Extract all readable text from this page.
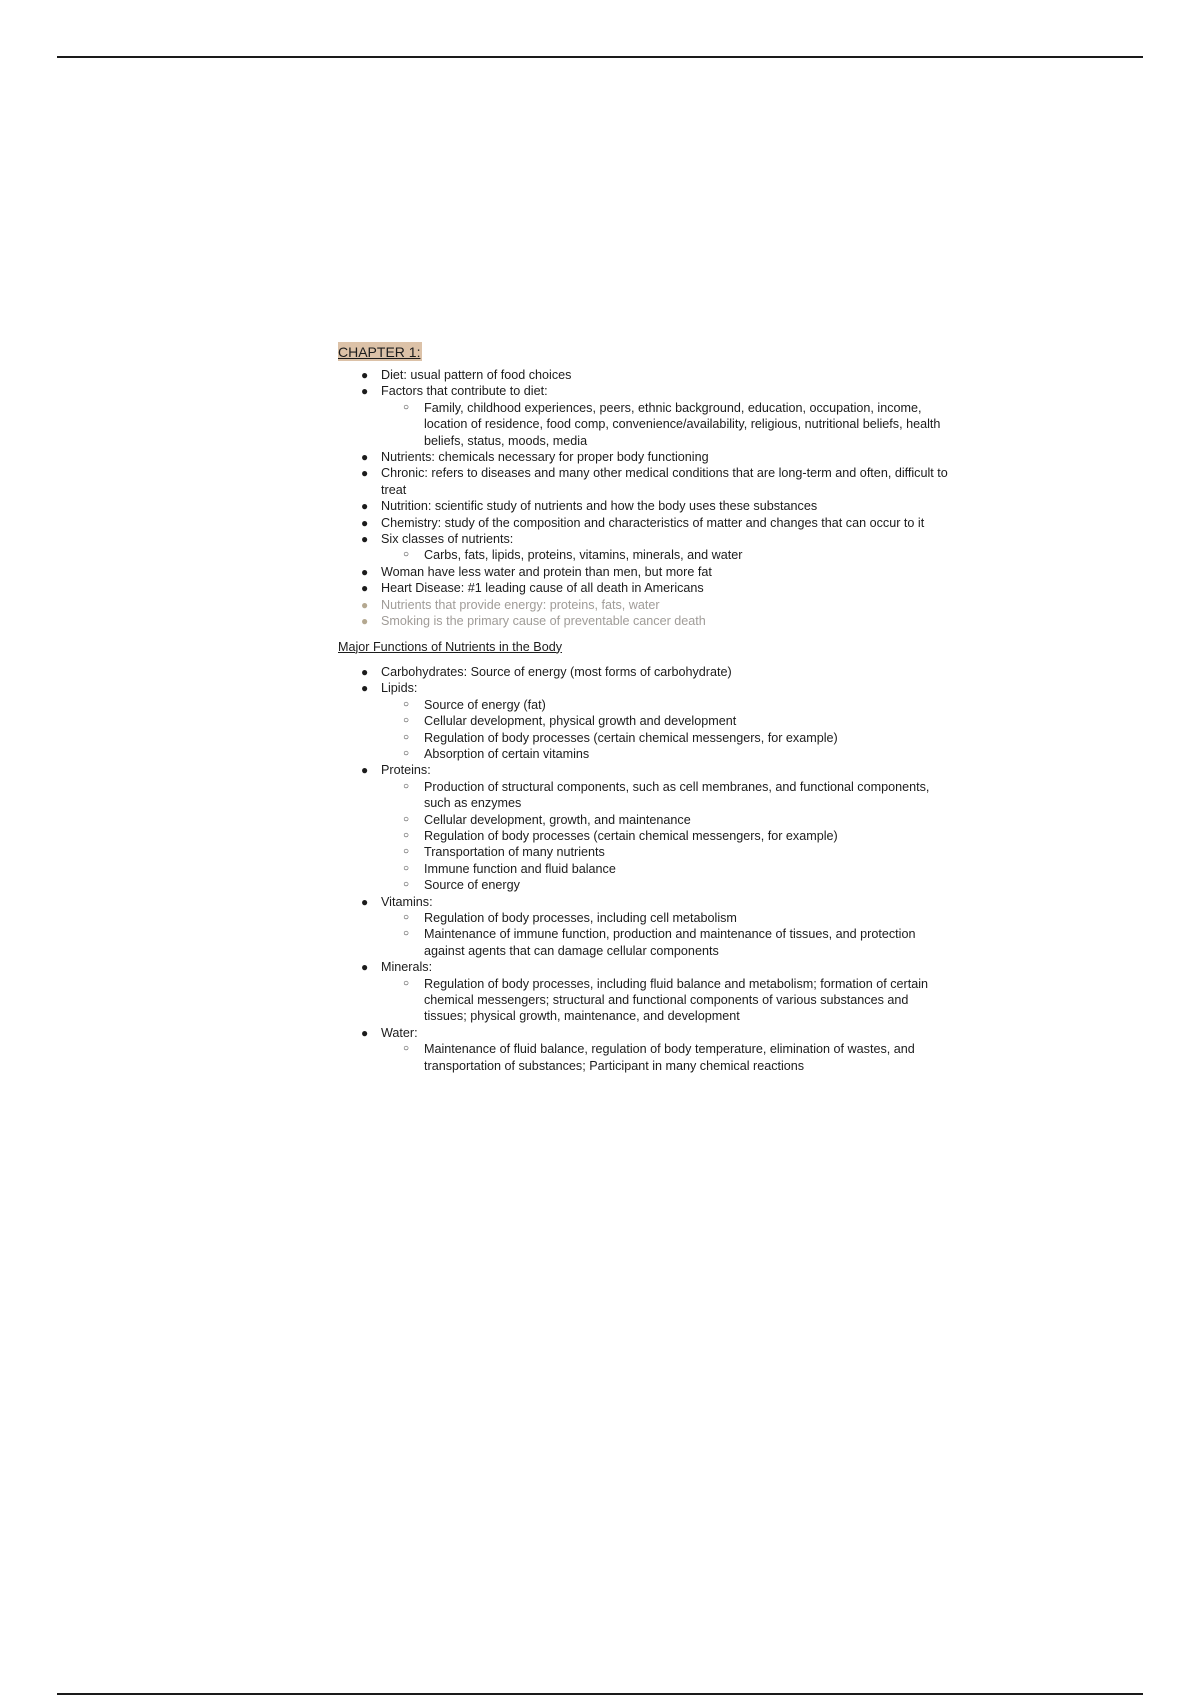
CHAPTER 1:
● Diet: usual pattern of food choices
● Factors that contribute to diet:
○ Family, childhood experiences, peers, ethnic background, education, occupation, income, location of residence, food comp, convenience/availability, religious, nutritional beliefs, health beliefs, status, moods, media
● Nutrients: chemicals necessary for proper body functioning
● Chronic: refers to diseases and many other medical conditions that are long-term and often, difficult to treat
● Nutrition: scientific study of nutrients and how the body uses these substances
● Chemistry: study of the composition and characteristics of matter and changes that can occur to it
● Six classes of nutrients:
○ Carbs, fats, lipids, proteins, vitamins, minerals, and water
● Woman have less water and protein than men, but more fat
● Heart Disease: #1 leading cause of all death in Americans
● Nutrients that provide energy: proteins, fats, water
● Smoking is the primary cause of preventable cancer death
Major Functions of Nutrients in the Body
● Carbohydrates: Source of energy (most forms of carbohydrate)
● Lipids:
○ Source of energy (fat)
○ Cellular development, physical growth and development
○ Regulation of body processes (certain chemical messengers, for example)
○ Absorption of certain vitamins
● Proteins:
○ Production of structural components, such as cell membranes, and functional components, such as enzymes
○ Cellular development, growth, and maintenance
○ Regulation of body processes (certain chemical messengers, for example)
○ Transportation of many nutrients
○ Immune function and fluid balance
○ Source of energy
● Vitamins:
○ Regulation of body processes, including cell metabolism
○ Maintenance of immune function, production and maintenance of tissues, and protection against agents that can damage cellular components
● Minerals:
○ Regulation of body processes, including fluid balance and metabolism; formation of certain chemical messengers; structural and functional components of various substances and tissues; physical growth, maintenance, and development
● Water:
○ Maintenance of fluid balance, regulation of body temperature, elimination of wastes, and transportation of substances; Participant in many chemical reactions
